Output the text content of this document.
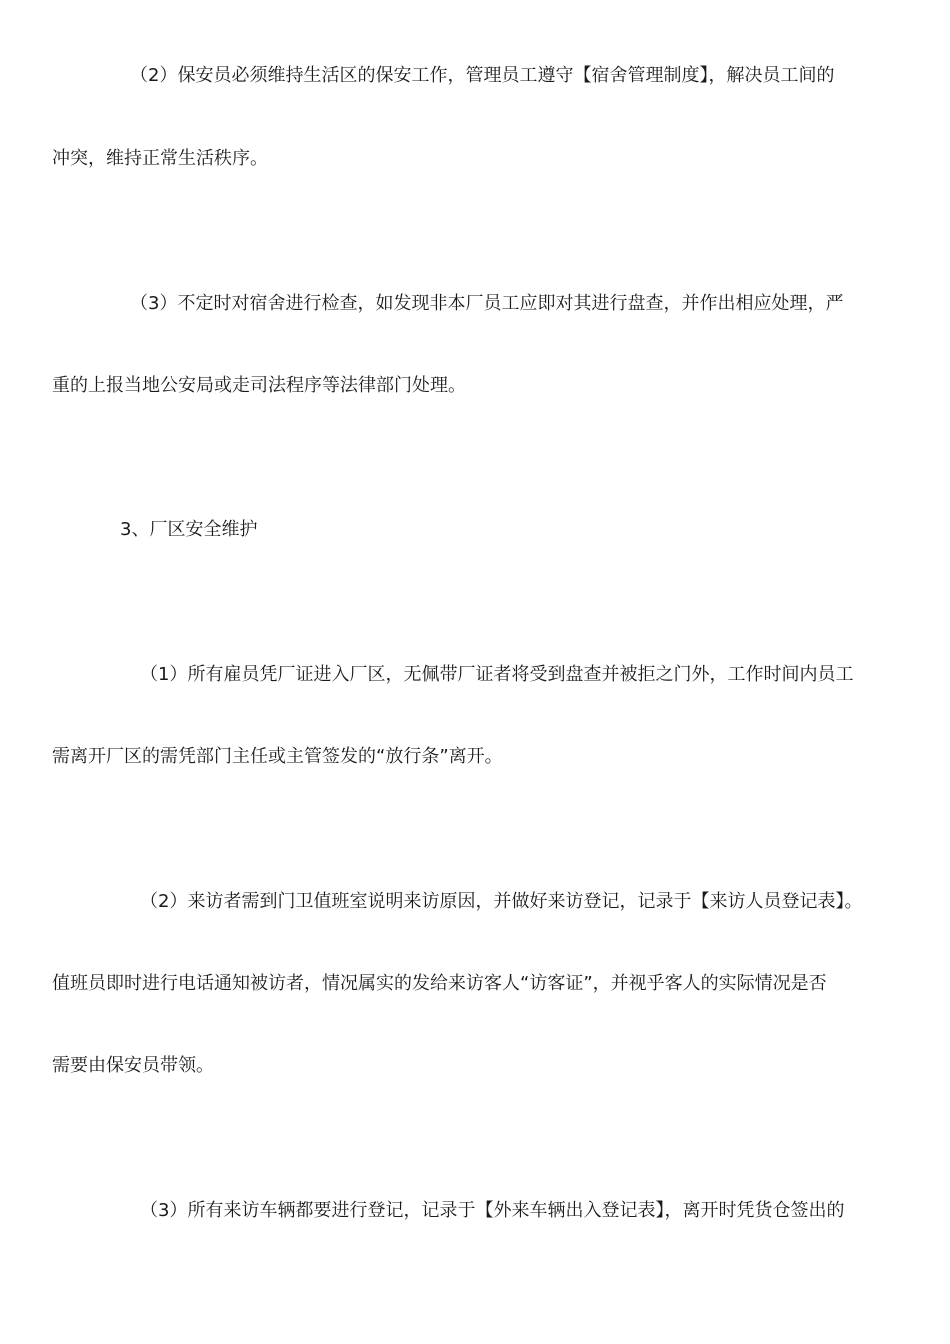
（2）保安员必须维持生活区的保安工作，管理员工遵守【宿舍管理制度】，解决员工间的
冲突，维持正常生活秩序。
（3）不定时对宿舍进行检查，如发现非本厂员工应即对其进行盘查，并作出相应处理，严
重的上报当地公安局或走司法程序等法律部门处理。
3、厂区安全维护
（1）所有雇员凭厂证进入厂区，无佩带厂证者将受到盘查并被拒之门外，工作时间内员工
需离开厂区的需凭部门主任或主管签发的“放行条”离开。
（2）来访者需到门卫值班室说明来访原因，并做好来访登记，记录于【来访人员登记表】。
值班员即时进行电话通知被访者，情况属实的发给来访客人“访客证”，并视乎客人的实际情况是否
需要由保安员带领。
（3）所有来访车辆都要进行登记，记录于【外来车辆出入登记表】，离开时凭货仓签出的
